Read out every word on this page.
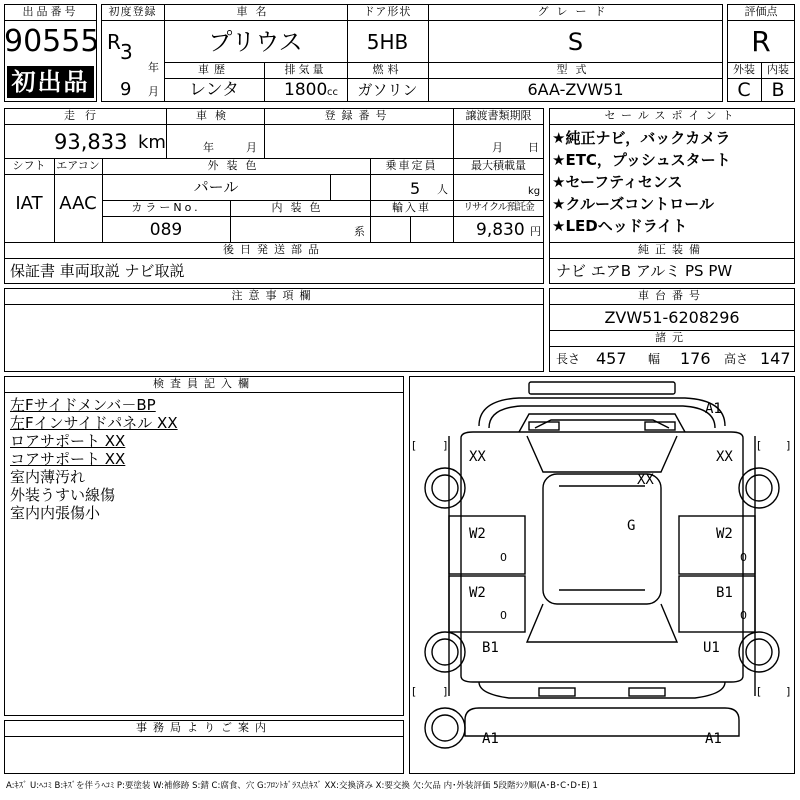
出品番号
90555
初出品
初度登録
R 3
年
9 月
車名
プリウス
車歴
レンタ
排気量
1800 cc
ドア形状
5HB
燃料
ガソリン
グレード
S
型式
6AA-ZVW51
評価点
R
外装	内装
C	B
走行
93,833 km
車検
年	月
登録番号	譲渡書類期限
月 日
シフト
IAT
エアコン
AAC
外装色
パール
カラーNo.
089
内装色
系
乗車定員
5 人
最大積載量
kg
輸入車	リサイクル預託金
9,830 円
後日発送部品
保証書 車両取説 ナビ取説
セールスポイント
★純正ナビ，バックカメラ
★ETC，プッシュスタート
★セーフティセンス
★クルーズコントロール
★LEDヘッドライト
純正装備
ナビ エアB アルミ PS PW
注意事項欄	車台番号
ZVW51-6208296
諸元
長さ 457 幅 176 高さ 147
検査員記入欄
左Fサイドメンバ－BP
左Fインサイドパネル XX
ロアサポート XX
コアサポート XX
室内薄汚れ
外装うすい線傷
室内内張傷小
A1
XX	XX
XX
G
W2	W2
W2	B1
B1	U1
A1	A1
0
0
0
0
[ ]	[ ]
[ ]	[ ]
事務局よりご案内
A:ｷｽﾞ U:ﾍｺﾐ B:ｷｽﾞを伴うﾍｺﾐ P:要塗装 W:補修跡 S:錆 C:腐食、穴 G:ﾌﾛﾝﾄｶﾞﾗｽ点ｷｽﾞ XX:交換済み X:要交換 欠:欠品 内･外装評価 5段階ﾗﾝｸ順(A･B･C･D･E) 1
